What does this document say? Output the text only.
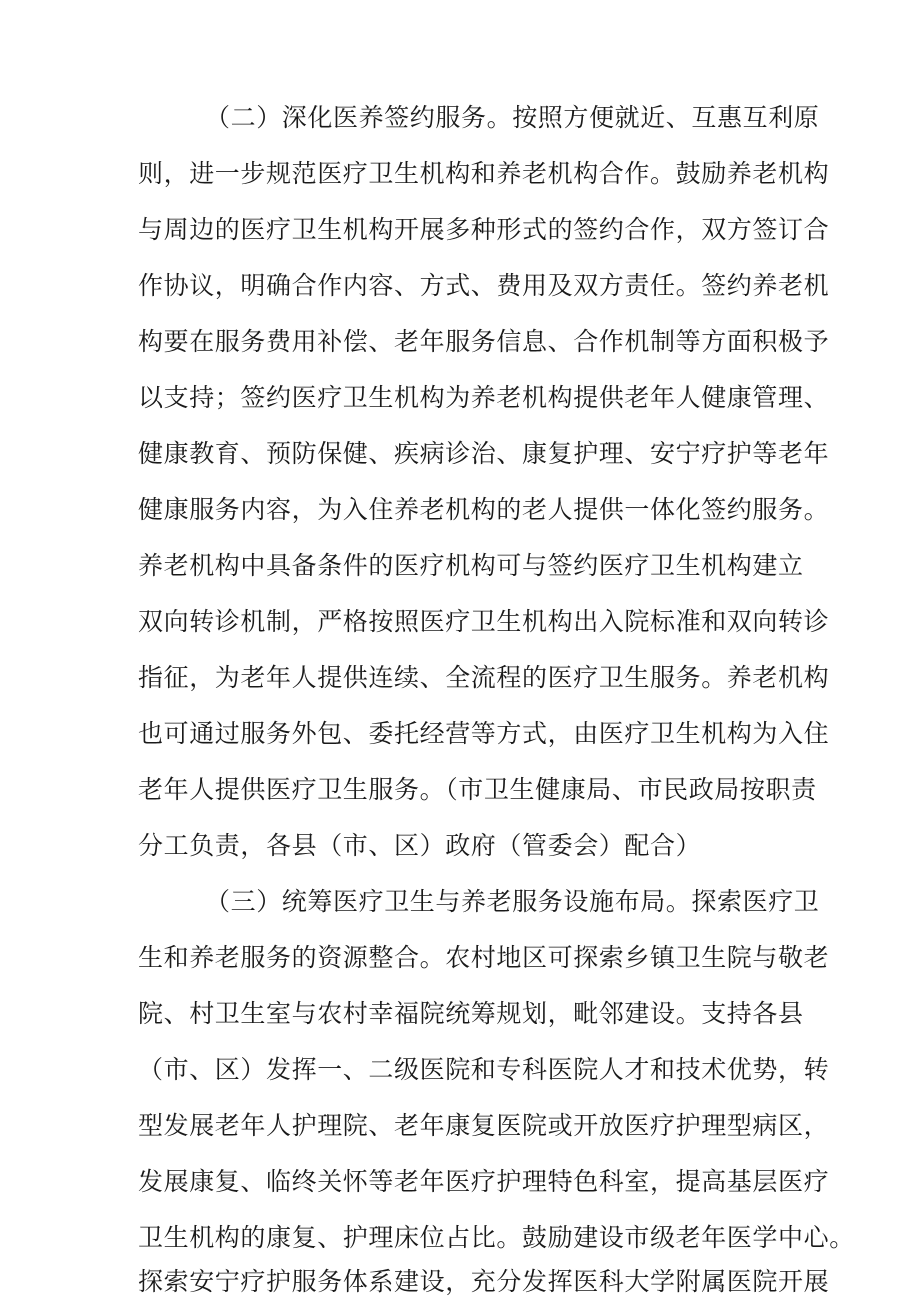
（二）深化医养签约服务。按照方便就近、互惠互利原
则，进一步规范医疗卫生机构和养老机构合作。鼓励养老机构
与周边的医疗卫生机构开展多种形式的签约合作，双方签订合
作协议，明确合作内容、方式、费用及双方责任。签约养老机
构要在服务费用补偿、老年服务信息、合作机制等方面积极予
以支持；签约医疗卫生机构为养老机构提供老年人健康管理、
健康教育、预防保健、疾病诊治、康复护理、安宁疗护等老年
健康服务内容，为入住养老机构的老人提供一体化签约服务。
养老机构中具备条件的医疗机构可与签约医疗卫生机构建立
双向转诊机制，严格按照医疗卫生机构出入院标准和双向转诊
指征，为老年人提供连续、全流程的医疗卫生服务。养老机构
也可通过服务外包、委托经营等方式，由医疗卫生机构为入住
老年人提供医疗卫生服务。（市卫生健康局、市民政局按职责
分工负责，各县（市、区）政府（管委会）配合）
（三）统筹医疗卫生与养老服务设施布局。探索医疗卫
生和养老服务的资源整合。农村地区可探索乡镇卫生院与敬老
院、村卫生室与农村幸福院统筹规划，毗邻建设。支持各县
（市、区）发挥一、二级医院和专科医院人才和技术优势，转
型发展老年人护理院、老年康复医院或开放医疗护理型病区，
发展康复、临终关怀等老年医疗护理特色科室，提高基层医疗
卫生机构的康复、护理床位占比。鼓励建设市级老年医学中心。
探索安宁疗护服务体系建设，充分发挥医科大学附属医院开展
